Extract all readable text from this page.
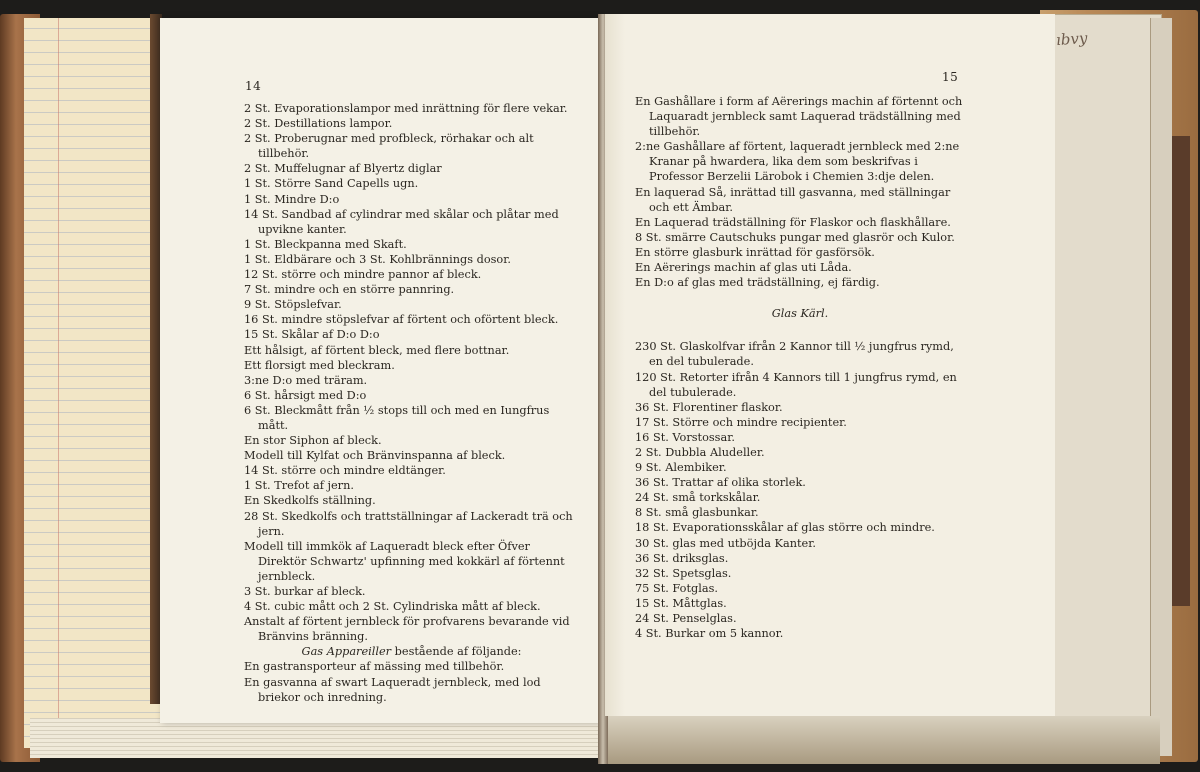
ıbvy
14
2 St. Evaporationslampor med inrättning för flere vekar.
2 St. Destillations lampor.
2 St. Proberugnar med profbleck, rörhakar och alt tillbehör.
2 St. Muffelugnar af Blyertz diglar
1 St. Större Sand Capells ugn.
1 St. Mindre D:o
14 St. Sandbad af cylindrar med skålar och plåtar med upvikne kanter.
1 St. Bleckpanna med Skaft.
1 St. Eldbärare och 3 St. Kohlbrännings dosor.
12 St. större och mindre pannor af bleck.
7 St. mindre och en större pannring.
9 St. Stöpslefvar.
16 St. mindre stöpslefvar af förtent och oförtent bleck.
15 St. Skålar af D:o D:o
Ett hålsigt, af förtent bleck, med flere bottnar.
Ett florsigt med bleckram.
3:ne D:o med träram.
6 St. hårsigt med D:o
6 St. Bleckmått från ½ stops till och med en Iungfrus mått.
En stor Siphon af bleck.
Modell till Kylfat och Bränvinspanna af bleck.
14 St. större och mindre eldtänger.
1 St. Trefot af jern.
En Skedkolfs ställning.
28 St. Skedkolfs och trattställningar af Lackeradt trä och jern.
Modell till immkök af Laqueradt bleck efter Öfver Direktör Schwartz' upfinning med kokkärl af förtennt jernbleck.
3 St. burkar af bleck.
4 St. cubic mått och 2 St. Cylindriska mått af bleck.
Anstalt af förtent jernbleck för profvarens bevarande vid Bränvins bränning.
Gas Appareiller bestående af följande:
En gastransporteur af mässing med tillbehör.
En gasvanna af swart Laqueradt jernbleck, med lod briekor och inredning.
15
En Gashållare i form af Aërerings machin af förtennt och Laquaradt jernbleck samt Laquerad trädställning med tillbehör.
2:ne Gashållare af förtent, laqueradt jernbleck med 2:ne Kranar på hwardera, lika dem som beskrifvas i Professor Berzelii Lärobok i Chemien 3:dje delen.
En laquerad Så, inrättad till gasvanna, med ställningar och ett Ämbar.
En Laquerad trädställning för Flaskor och flaskhållare.
8 St. smärre Cautschuks pungar med glasrör och Kulor.
En större glasburk inrättad för gasförsök.
En Aërerings machin af glas uti Låda.
En D:o af glas med trädställning, ej färdig.
Glas Kärl.
230 St. Glaskolfvar ifrån 2 Kannor till ½ jungfrus rymd, en del tubulerade.
120 St. Retorter ifrån 4 Kannors till 1 jungfrus rymd, en del tubulerade.
36 St. Florentiner flaskor.
17 St. Större och mindre recipienter.
16 St. Vorstossar.
2 St. Dubbla Aludeller.
9 St. Alembiker.
36 St. Trattar af olika storlek.
24 St. små torkskålar.
8 St. små glasbunkar.
18 St. Evaporationsskålar af glas större och mindre.
30 St. glas med utböjda Kanter.
36 St. driksglas.
32 St. Spetsglas.
75 St. Fotglas.
15 St. Måttglas.
24 St. Penselglas.
4 St. Burkar om 5 kannor.
